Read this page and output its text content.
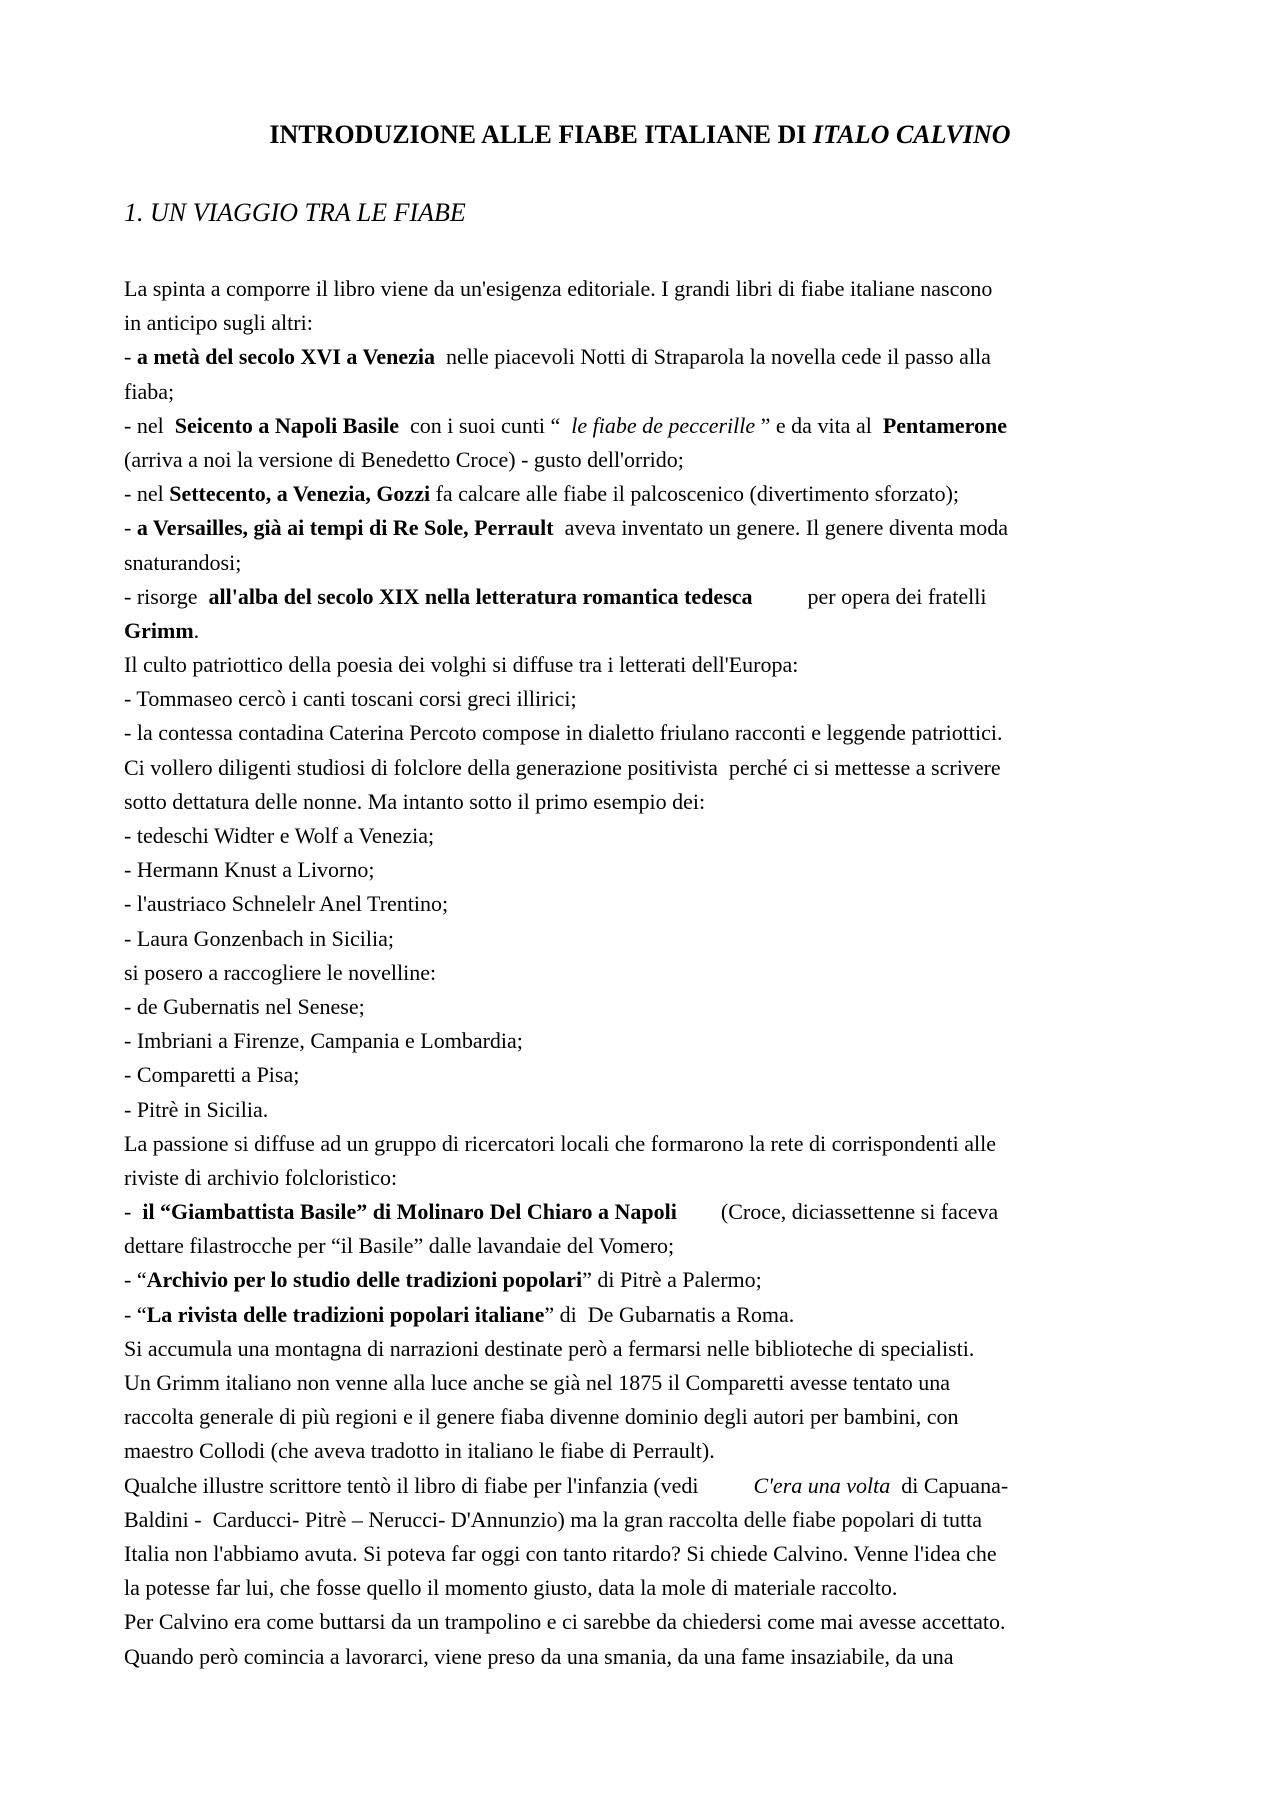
INTRODUZIONE ALLE FIABE ITALIANE DI ITALO CALVINO
1. UN VIAGGIO TRA LE FIABE
La spinta a comporre il libro viene da un'esigenza editoriale. I grandi libri di fiabe italiane nascono
in anticipo sugli altri:
- a metà del secolo XVI a Venezia  nelle piacevoli Notti di Straparola la novella cede il passo alla
fiaba;
- nel  Seicento a Napoli Basile  con i suoi cunti “  le fiabe de peccerille ” e da vita al  Pentamerone
(arriva a noi la versione di Benedetto Croce) - gusto dell'orrido;
- nel Settecento, a Venezia, Gozzi fa calcare alle fiabe il palcoscenico (divertimento sforzato);
- a Versailles, già ai tempi di Re Sole, Perrault  aveva inventato un genere. Il genere diventa moda
snaturandosi;
- risorge  all'alba del secolo XIX nella letteratura romantica tedesca          per opera dei fratelli
Grimm.
Il culto patriottico della poesia dei volghi si diffuse tra i letterati dell'Europa:
- Tommaseo cercò i canti toscani corsi greci illirici;
- la contessa contadina Caterina Percoto compose in dialetto friulano racconti e leggende patriottici.
Ci vollero diligenti studiosi di folclore della generazione positivista  perché ci si mettesse a scrivere
sotto dettatura delle nonne. Ma intanto sotto il primo esempio dei:
- tedeschi Widter e Wolf a Venezia;
- Hermann Knust a Livorno;
- l'austriaco Schnelelr Anel Trentino;
- Laura Gonzenbach in Sicilia;
si posero a raccogliere le novelline:
- de Gubernatis nel Senese;
- Imbriani a Firenze, Campania e Lombardia;
- Comparetti a Pisa;
- Pitrè in Sicilia.
La passione si diffuse ad un gruppo di ricercatori locali che formarono la rete di corrispondenti alle
riviste di archivio folcloristico:
-  il “Giambattista Basile” di Molinaro Del Chiaro a Napoli        (Croce, diciassettenne si faceva
dettare filastrocche per “il Basile” dalle lavandaie del Vomero;
- “Archivio per lo studio delle tradizioni popolari” di Pitrè a Palermo;
- “La rivista delle tradizioni popolari italiane” di  De Gubarnatis a Roma.
Si accumula una montagna di narrazioni destinate però a fermarsi nelle biblioteche di specialisti.
Un Grimm italiano non venne alla luce anche se già nel 1875 il Comparetti avesse tentato una
raccolta generale di più regioni e il genere fiaba divenne dominio degli autori per bambini, con
maestro Collodi (che aveva tradotto in italiano le fiabe di Perrault).
Qualche illustre scrittore tentò il libro di fiabe per l'infanzia (vedi          C'era una volta  di Capuana-
Baldini -  Carducci- Pitrè – Nerucci- D'Annunzio) ma la gran raccolta delle fiabe popolari di tutta
Italia non l'abbiamo avuta. Si poteva far oggi con tanto ritardo? Si chiede Calvino. Venne l'idea che
la potesse far lui, che fosse quello il momento giusto, data la mole di materiale raccolto.
Per Calvino era come buttarsi da un trampolino e ci sarebbe da chiedersi come mai avesse accettato.
Quando però comincia a lavorarci, viene preso da una smania, da una fame insaziabile, da una
